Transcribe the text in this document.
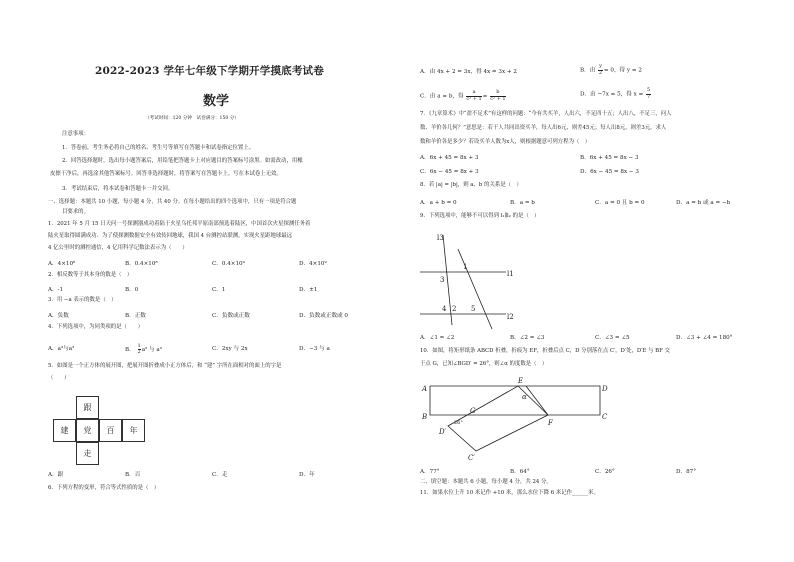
2022-2023 学年七年级下学期开学摸底考试卷
数学
（考试时间：120 分钟　试卷满分：150 分）
注意事项：
1．答卷前，考生务必将自己的姓名、考生号等填写在答题卡和试卷指定位置上。
2．回答选择题时，选出每小题答案后，用铅笔把答题卡上对应题目的答案标号涂黑。如需改动，用橡
皮擦干净后，再选涂其他答案标号。回答非选择题时，将答案写在答题卡上。写在本试卷上无效。
3．考试结束后，将本试卷和答题卡一并交回。
一、选择题：本题共 10 小题，每小题 4 分，共 40 分。在每小题给出的四个选项中，只有一项是符合题
目要求的。
1．2021 年 5 月 15 日天问一号探测器成功着陆于火星乌托邦平原南部预选着陆区，中国首次火星探测任务着
陆火星取得圆满成功．为了使探测数据安全有效传回地球，我国 4 台测控站联测，实现火星距地球最远
4 亿公里时的测控通信，4 亿用科学记数法表示为（　　）
A．4×10⁸	B．0.4×10⁸	C．0.4×10⁹	D．4×10⁹
2．相反数等于其本身的数是（　）
A．-1	B．0	C．1	D．±1
3．用 −a 表示的数是（　）
A．负数	B．正数	C．负数或正数	D．负数或正数或 0
4．下列选项中，为同类项的是（　　）
A．a³与a²	B． $\frac{1}{2} a^2$ 与 a²	C．2xy 与 2x	D．−3 与 a
5．如图是一个正方体的展开图，把展开图折叠成小正方体后，和 “建” 字所在面相对的面上的字是
（　　）
跟
建	党	百	年
走
A．跟	B．百	C．走	D．年
6．下列方程的变形，符合等式性质的是（　）
A．由 4x + 2 = 3x，得 4x = 3x + 2	B．由 $\frac{y}{2} = 0$，得 y = 2
C．由 a = b，得 $\frac{a}{\text{c² + 1}} = \frac{b}{\text{c² + 1}}$	D．由 −7x = 5，得 $x = \frac{5}{7}$
7．《九章算术》中“盈不足术”有这样的问题：“今有共买羊，人出六，不足四十五；人出八，不足三，问人
数、羊价各几何？”意思是：若干人共同出资买羊，每人出6元，则差45元；每人出8元，则差3元，求人
数和羊价各是多少？若设买羊人数为x人，则根据题意可列方程为（　）
A．6x + 45 = 8x + 3	B．6x + 45 = 8x − 3
C．6x − 45 = 8x + 3	D．6x − 45 = 8x − 3
8．若 |a| = |b|，则 a、b 的关系是（　）
A．a + b = 0	B．a = b	C．a = 0 且 b = 0	D．a = b 或 a = −b
9．下列选项中，能够不可以得到 l₁∥l₂ 的是（　）
l3
1
l1
3
4 2 5
l2
A．∠1 = ∠2	B．∠2 = ∠3	C．∠3 = ∠5	D．∠3 + ∠4 = 180°
10．如图，将矩形纸条 ABCD 折叠，折痕为 EF，折叠后点 C，D 分别落在点 C′，D′处，D′E 与 BF 交
于点 G，已知∠BGD′ = 26°，则∠α 的度数是（　）
A
E
D
α
B
G
C
26°	F
D′
C′
A．77°	B．64°	C．26°	D．87°
二、填空题：本题共 6 小题，每小题 4 分，共 24 分。
11．如果水位上升 10 米记作 +10 米，那么水位下降 6 米记作______米。
